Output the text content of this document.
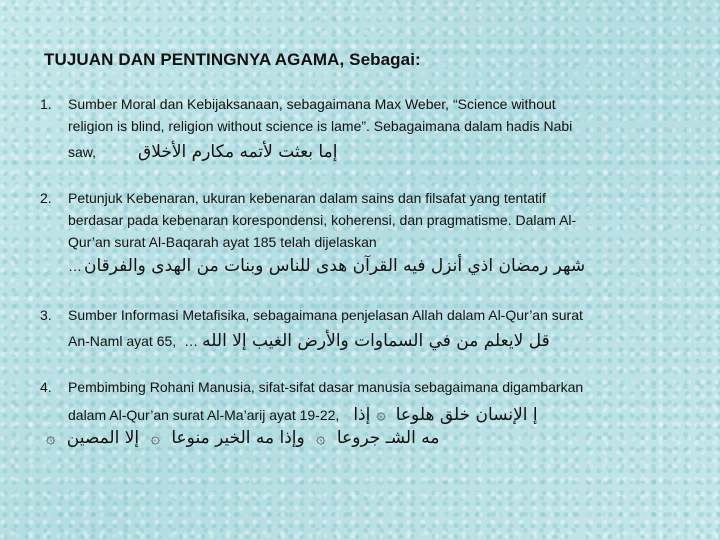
TUJUAN DAN PENTINGNYA AGAMA, Sebagai:
1.	Sumber Moral dan Kebijaksanaan, sebagaimana Max Weber, “Science without
religion is blind, religion without science is lame”. Sebagaimana dalam hadis Nabi
saw, إما بعثت لأتمه مكارم الأخلاق
2.	Petunjuk Kebenaran, ukuran kebenaran dalam sains dan filsafat yang tentatif
berdasar pada kebenaran korespondensi, koherensi, dan pragmatisme. Dalam Al-
Qur’an surat Al-Baqarah ayat 185 telah dijelaskan
… شهر رمضان اذي أنزل فيه القرآن هدى للناس وبنات من الهدى والفرقان
3.	Sumber Informasi Metafisika, sebagaimana penjelasan Allah dalam Al-Qur’an surat
An-Naml ayat 65, … قل لايعلم من في السماوات والأرض الغيب إلا الله
4.	Pembimbing Rohani Manusia, sifat-sifat dasar manusia sebagaimana digambarkan
dalam Al-Qur’an surat Al-Ma’arij ayat 19-22, إذا ۞ إ الإنسان خلق هلوعا
مه الشـ جروعا ۞ وإذا مه الخير منوعا ۞ إلا المصين ۞
